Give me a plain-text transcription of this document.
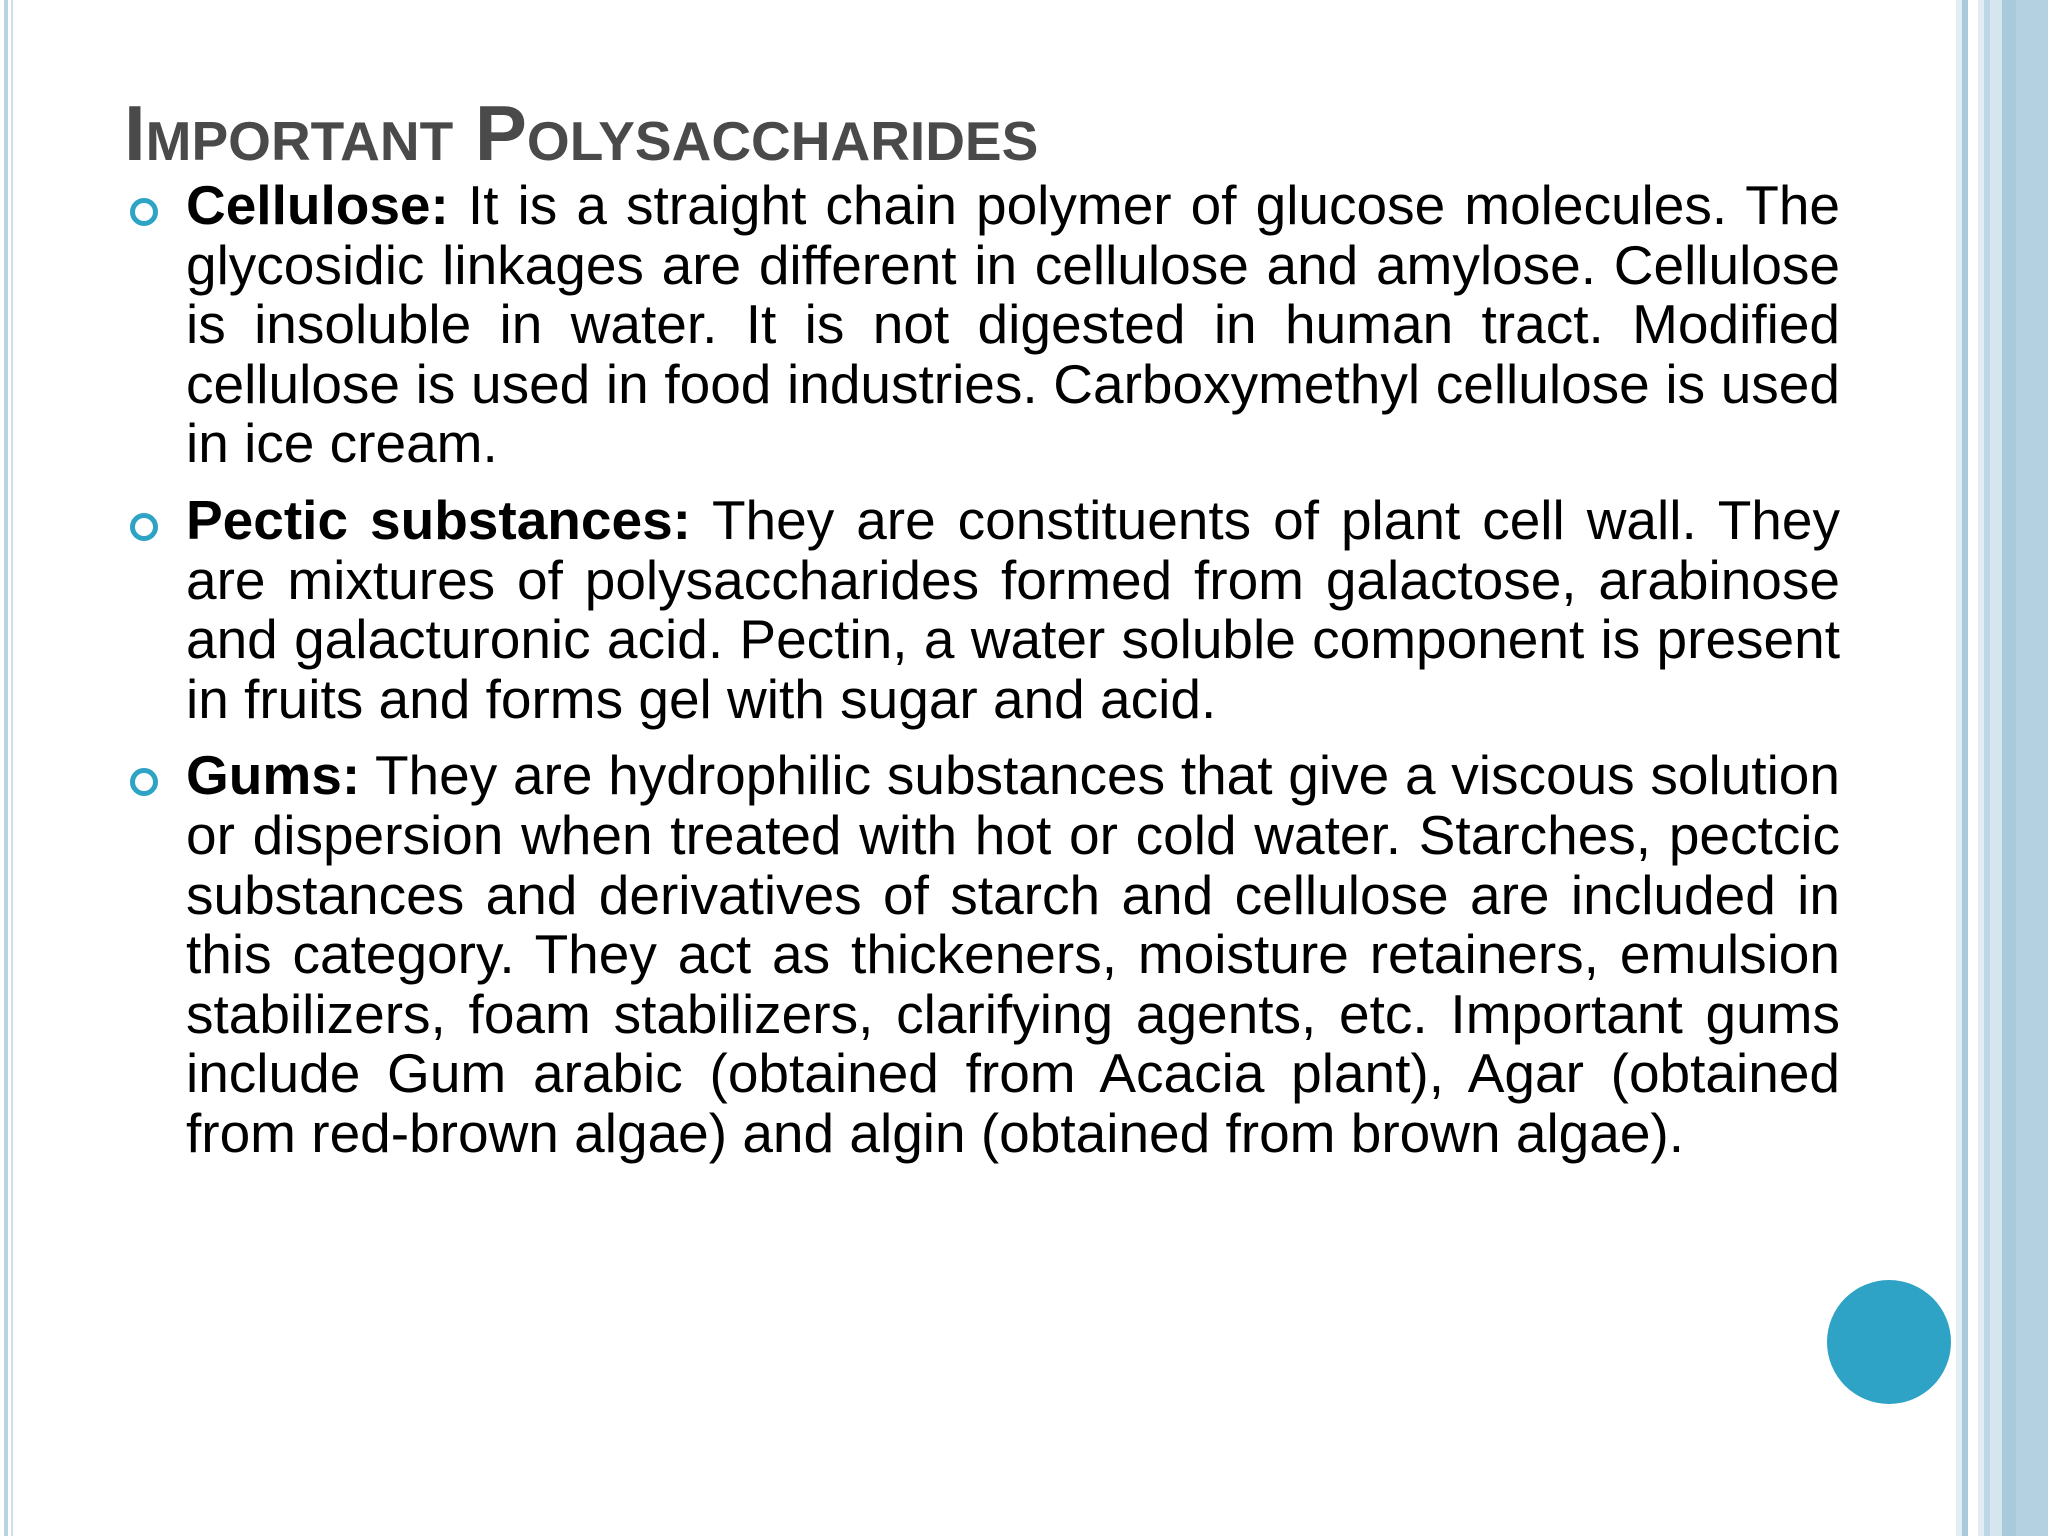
Important Polysaccharides
Cellulose: It is a straight chain polymer of glucose molecules. The glycosidic linkages are different in cellulose and amylose. Cellulose is insoluble in water. It is not digested in human tract. Modified cellulose is used in food industries. Carboxymethyl cellulose is used in ice cream.
Pectic substances: They are constituents of plant cell wall. They are mixtures of polysaccharides formed from galactose, arabinose and galacturonic acid. Pectin, a water soluble component is present in fruits and forms gel with sugar and acid.
Gums: They are hydrophilic substances that give a viscous solution or dispersion when treated with hot or cold water. Starches, pectcic substances and derivatives of starch and cellulose are included in this category. They act as thickeners, moisture retainers, emulsion stabilizers, foam stabilizers, clarifying agents, etc. Important gums include Gum arabic (obtained from Acacia plant), Agar (obtained from red-brown algae) and algin (obtained from brown algae).
